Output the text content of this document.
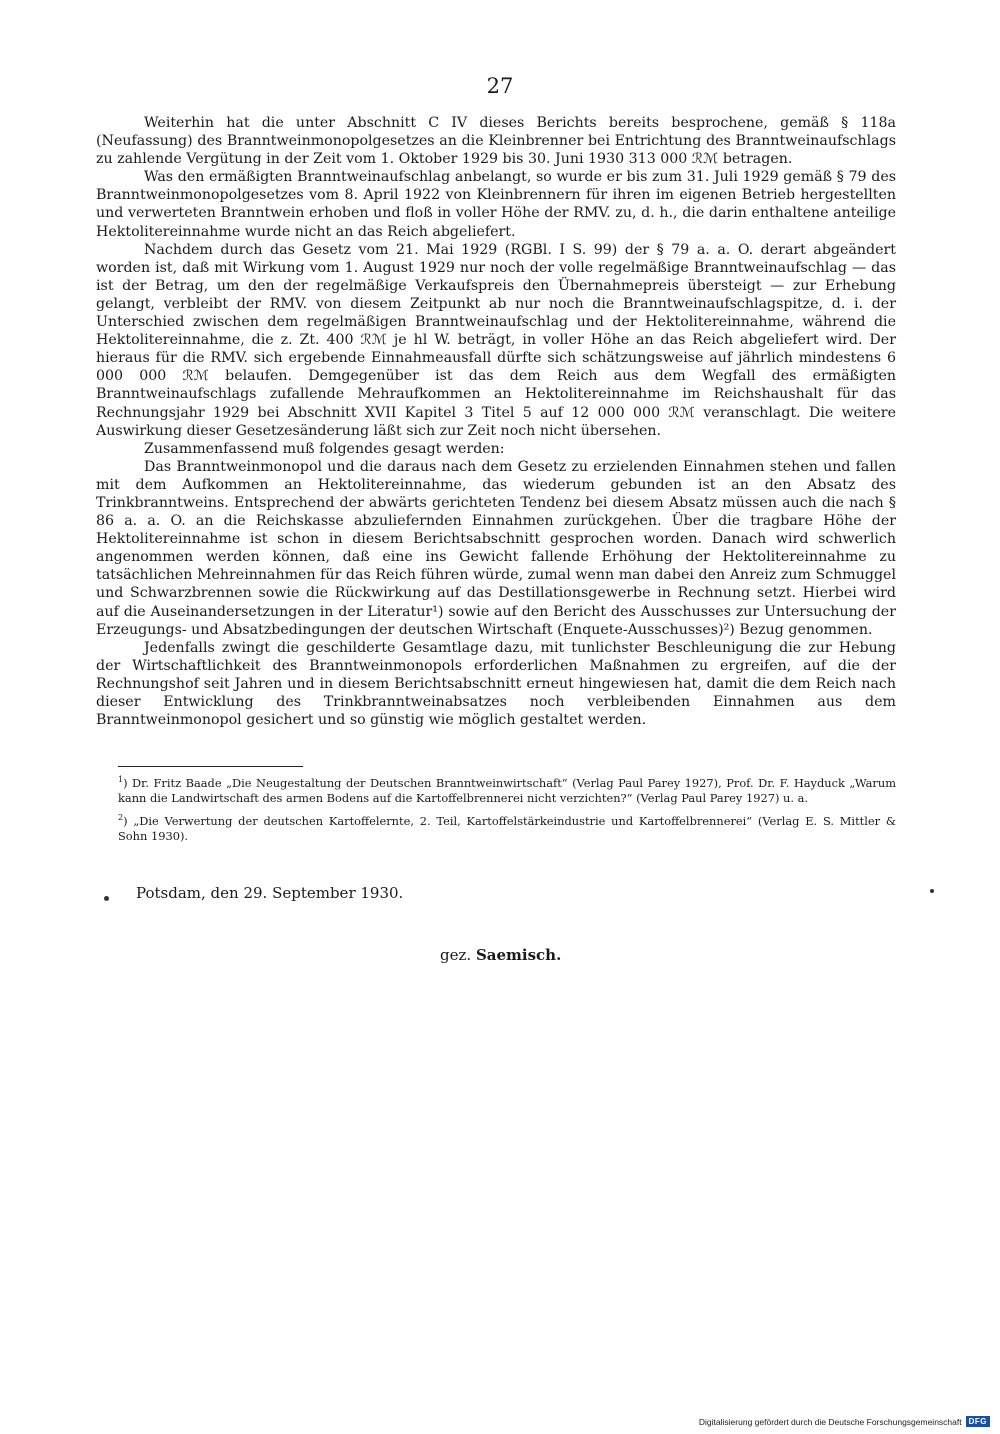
27

Weiterhin hat die unter Abschnitt C IV dieses Berichts bereits besprochene, gemäß § 118a (Neufassung) des Branntweinmonopolgesetzes an die Kleinbrenner bei Entrichtung des Branntweinaufschlags zu zahlende Vergütung in der Zeit vom 1. Oktober 1929 bis 30. Juni 1930 313 000 ℛℳ betragen.

Was den ermäßigten Branntweinaufschlag anbelangt, so wurde er bis zum 31. Juli 1929 gemäß § 79 des Branntweinmonopolgesetzes vom 8. April 1922 von Kleinbrennern für ihren im eigenen Betrieb hergestellten und verwerteten Branntwein erhoben und floß in voller Höhe der RMV. zu, d. h., die darin enthaltene anteilige Hektolitereinnahme wurde nicht an das Reich abgeliefert.

Nachdem durch das Gesetz vom 21. Mai 1929 (RGBl. I S. 99) der § 79 a. a. O. derart abgeändert worden ist, daß mit Wirkung vom 1. August 1929 nur noch der volle regelmäßige Branntweinaufschlag — das ist der Betrag, um den der regelmäßige Verkaufspreis den Übernahmepreis übersteigt — zur Erhebung gelangt, verbleibt der RMV. von diesem Zeitpunkt ab nur noch die Branntweinaufschlagspitze, d. i. der Unterschied zwischen dem regelmäßigen Branntweinaufschlag und der Hektolitereinnahme, während die Hektolitereinnahme, die z. Zt. 400 ℛℳ je hl W. beträgt, in voller Höhe an das Reich abgeliefert wird. Der hieraus für die RMV. sich ergebende Einnahmeausfall dürfte sich schätzungsweise auf jährlich mindestens 6 000 000 ℛℳ belaufen. Demgegenüber ist das dem Reich aus dem Wegfall des ermäßigten Branntweinaufschlags zufallende Mehraufkommen an Hektolitereinnahme im Reichshaushalt für das Rechnungsjahr 1929 bei Abschnitt XVII Kapitel 3 Titel 5 auf 12 000 000 ℛℳ veranschlagt. Die weitere Auswirkung dieser Gesetzesänderung läßt sich zur Zeit noch nicht übersehen.

Zusammenfassend muß folgendes gesagt werden:

Das Branntweinmonopol und die daraus nach dem Gesetz zu erzielenden Einnahmen stehen und fallen mit dem Aufkommen an Hektolitereinnahme, das wiederum gebunden ist an den Absatz des Trinkbranntweins. Entsprechend der abwärts gerichteten Tendenz bei diesem Absatz müssen auch die nach § 86 a. a. O. an die Reichskasse abzuliefernden Einnahmen zurückgehen. Über die tragbare Höhe der Hektolitereinnahme ist schon in diesem Berichtsabschnitt gesprochen worden. Danach wird schwerlich angenommen werden können, daß eine ins Gewicht fallende Erhöhung der Hektolitereinnahme zu tatsächlichen Mehreinnahmen für das Reich führen würde, zumal wenn man dabei den Anreiz zum Schmuggel und Schwarzbrennen sowie die Rückwirkung auf das Destillationsgewerbe in Rechnung setzt. Hierbei wird auf die Auseinandersetzungen in der Literatur¹) sowie auf den Bericht des Ausschusses zur Untersuchung der Erzeugungs- und Absatzbedingungen der deutschen Wirtschaft (Enquete-Ausschusses)²) Bezug genommen.

Jedenfalls zwingt die geschilderte Gesamtlage dazu, mit tunlichster Beschleunigung die zur Hebung der Wirtschaftlichkeit des Branntweinmonopols erforderlichen Maßnahmen zu ergreifen, auf die der Rechnungshof seit Jahren und in diesem Berichtsabschnitt erneut hingewiesen hat, damit die dem Reich nach dieser Entwicklung des Trinkbranntweinabsatzes noch verbleibenden Einnahmen aus dem Branntweinmonopol gesichert und so günstig wie möglich gestaltet werden.

$^1$) Dr. Fritz Baade „Die Neugestaltung der Deutschen Branntweinwirtschaft“ (Verlag Paul Parey 1927), Prof. Dr. F. Hayduck „Warum kann die Landwirtschaft des armen Bodens auf die Kartoffelbrennerei nicht verzichten?“ (Verlag Paul Parey 1927) u. a.

$^2$) „Die Verwertung der deutschen Kartoffelernte, 2. Teil, Kartoffelstärkeindustrie und Kartoffelbrennerei“ (Verlag E. S. Mittler & Sohn 1930).

Potsdam, den 29. September 1930.
gez. Saemisch.
Digitalisierung gefördert durch die Deutsche Forschungsgemeinschaft DFG
